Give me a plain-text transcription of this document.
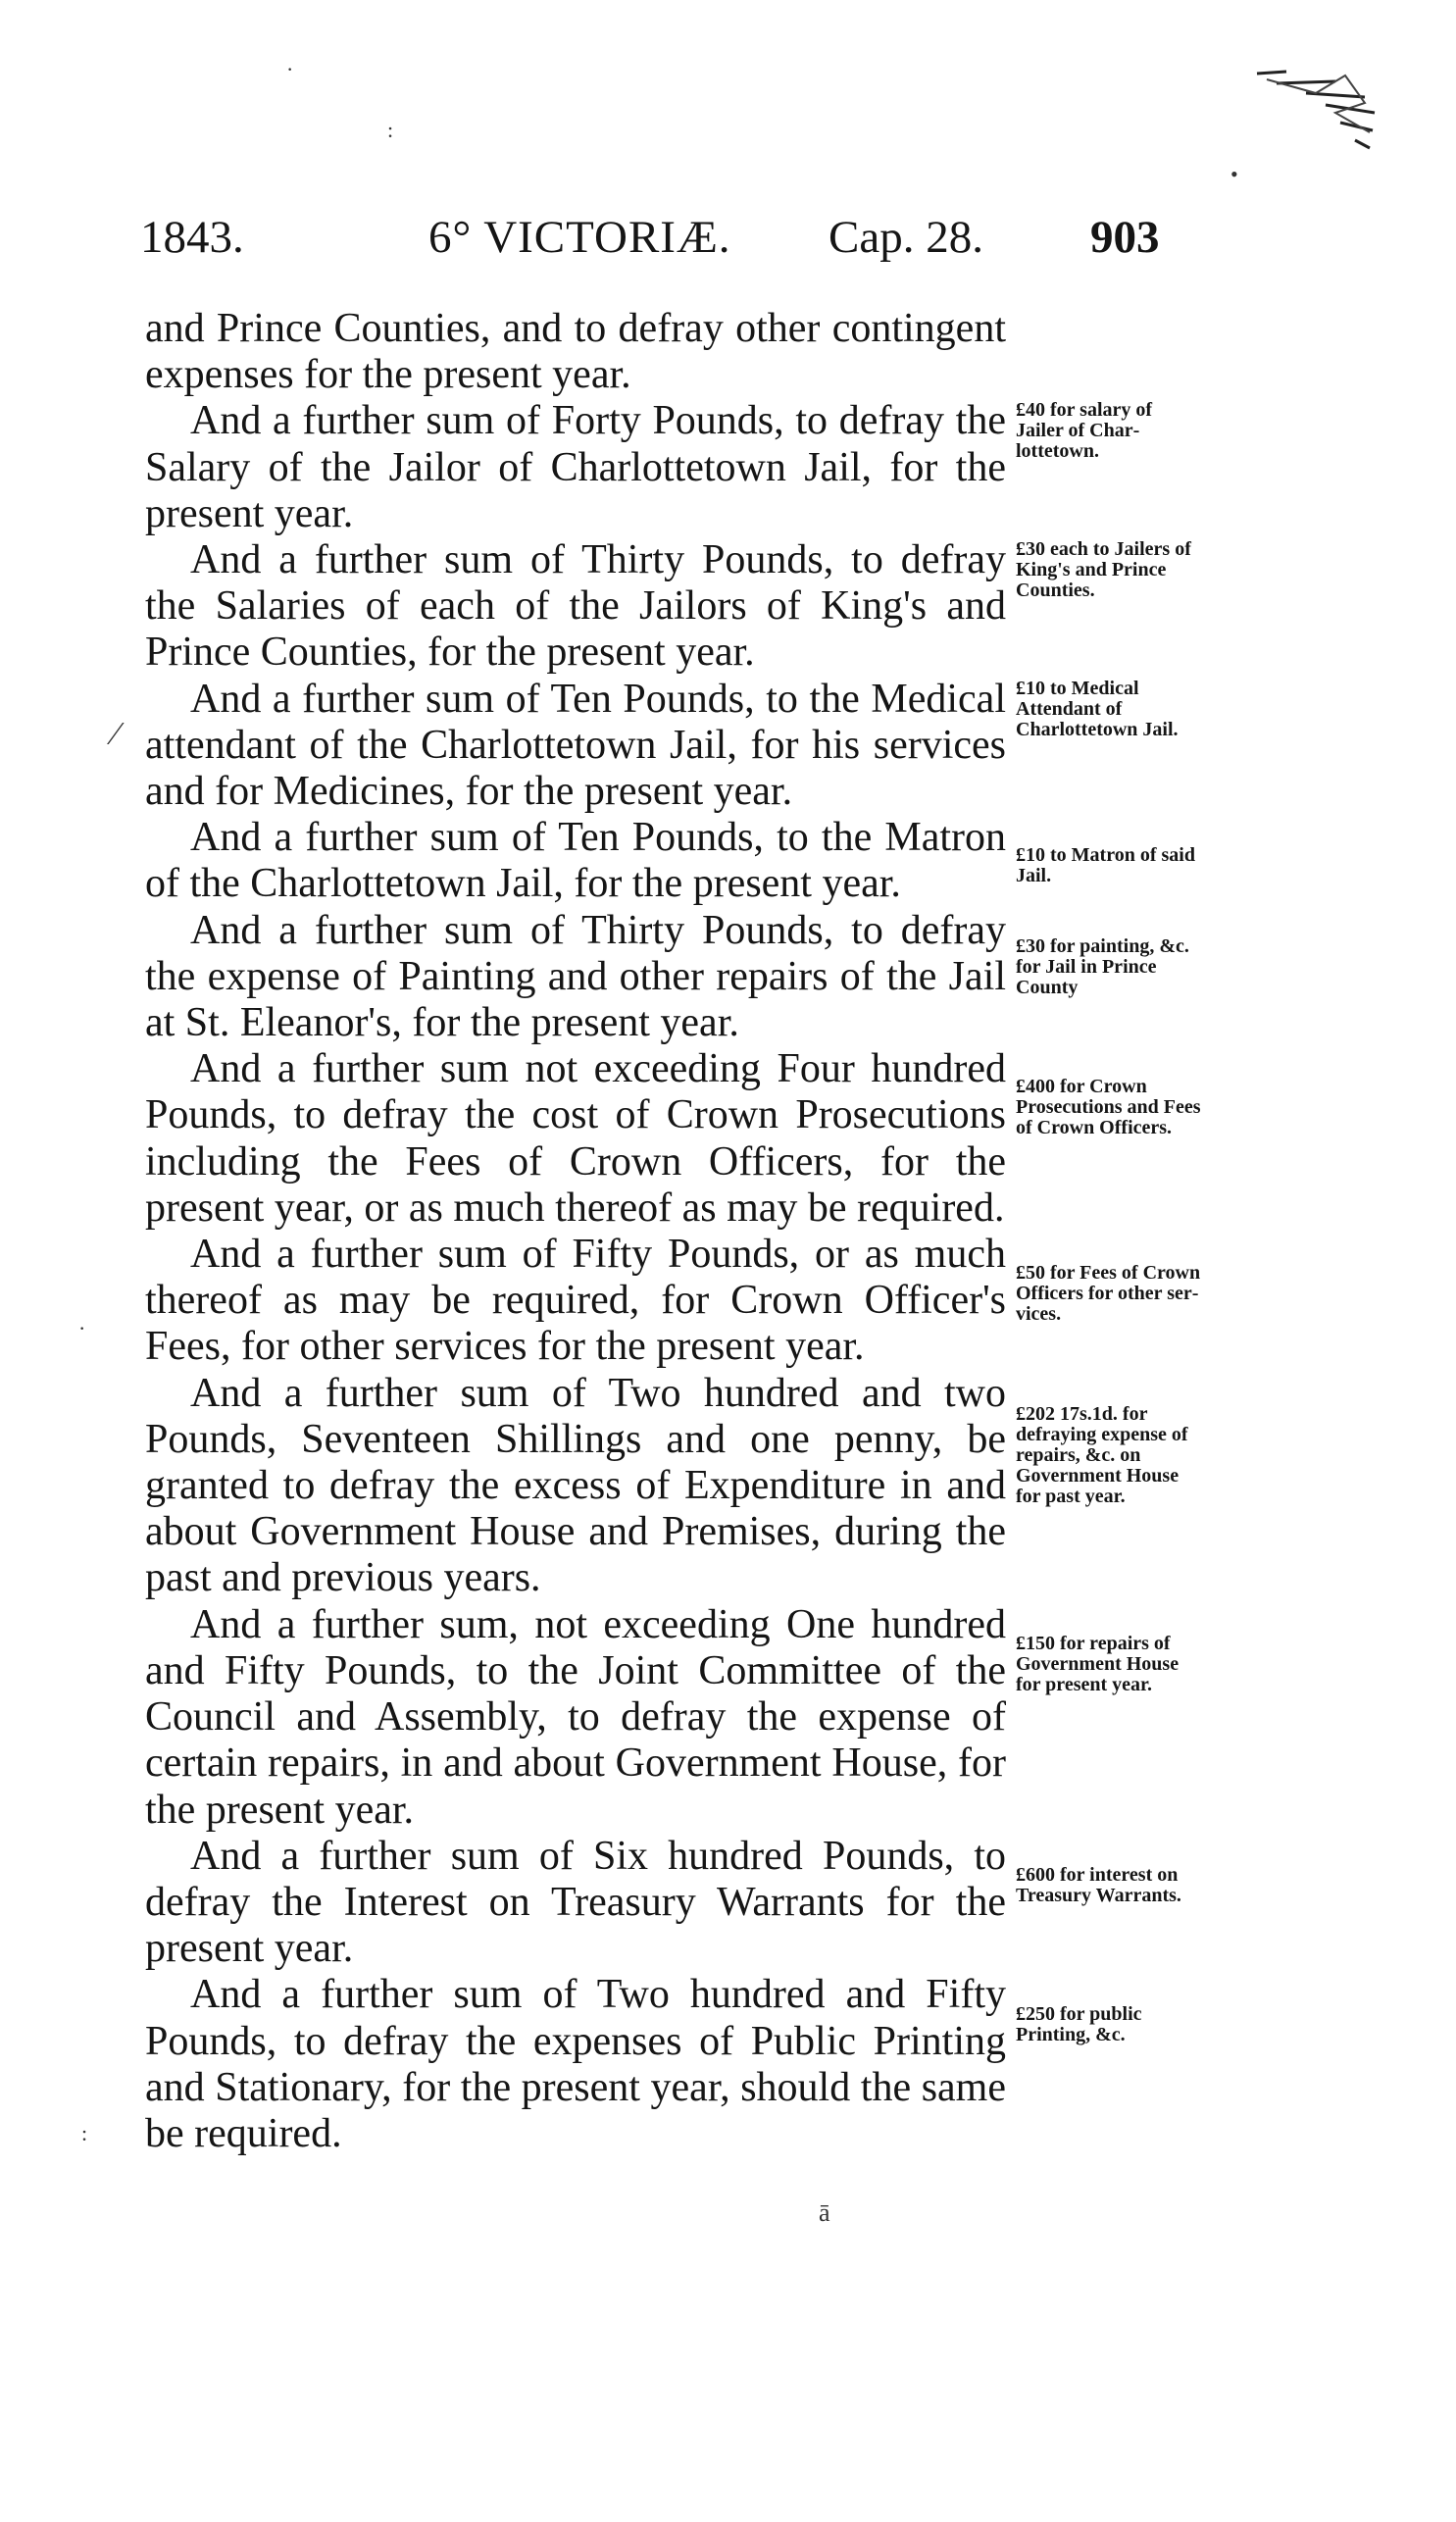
·
:
•
⁄
·
:
ā
1843.	6° VICTORIÆ. Cap. 28. 903

and Prince Counties, and to defray other contingent expenses for the present year.

And a further sum of Forty Pounds, to defray the Salary of the Jailor of Charlottetown Jail, for the present year.

And a further sum of Thirty Pounds, to defray the Salaries of each of the Jailors of King's and Prince Counties, for the present year.

And a further sum of Ten Pounds, to the Medical attendant of the Charlottetown Jail, for his services and for Medicines, for the present year.

And a further sum of Ten Pounds, to the Matron of the Charlottetown Jail, for the present year.

And a further sum of Thirty Pounds, to defray the expense of Painting and other repairs of the Jail at St. Eleanor's, for the present year.

And a further sum not exceeding Four hundred Pounds, to defray the cost of Crown Prosecutions including the Fees of Crown Officers, for the present year, or as much thereof as may be required.

And a further sum of Fifty Pounds, or as much thereof as may be required, for Crown Officer's Fees, for other services for the present year.

And a further sum of Two hundred and two Pounds, Seventeen Shillings and one penny, be granted to defray the excess of Expenditure in and about Government House and Premises, during the past and previous years.

And a further sum, not exceeding One hundred and Fifty Pounds, to the Joint Committee of the Council and Assembly, to defray the expense of certain repairs, in and about Government House, for the present year.

And a further sum of Six hundred Pounds, to defray the Interest on Treasury Warrants for the present year.

And a further sum of Two hundred and Fifty Pounds, to defray the expenses of Public Printing and Stationary, for the present year, should the same be required.

£40 for salary of Jailer of Charlottetown.

£30 each to Jailers of King's and Prince Counties.

£10 to Medical Attendant of Charlottetown Jail.

£10 to Matron of said Jail.

£30 for painting, &c. for Jail in Prince County

£400 for Crown Prosecutions and Fees of Crown Officers.

£50 for Fees of Crown Officers for other services.

£202 17s.1d. for defraying expense of repairs, &c. on Government House for past year.

£150 for repairs of Government House for present year.

£600 for interest on Treasury Warrants.

£250 for public Printing, &c.
